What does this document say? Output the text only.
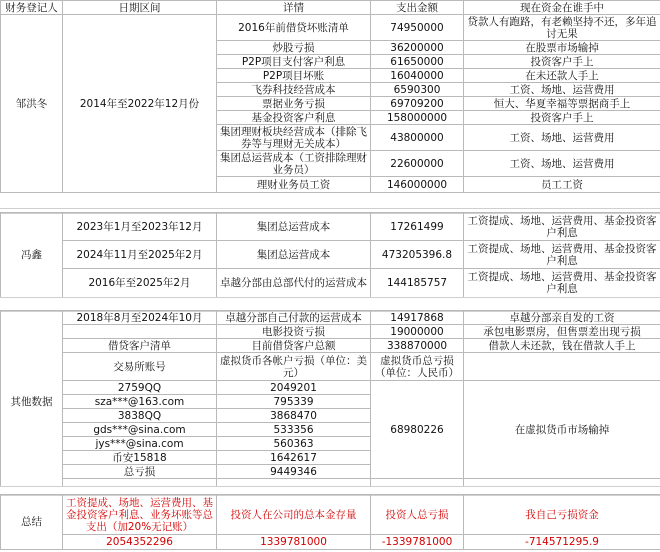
财务登记人	日期区间	详情	支出金额	现在资金在谁手中
邹洪冬	2014年至2022年12月份	2016年前借贷坏账清单	74950000	贷款人有跑路，有老赖坚持不还，多年追讨无果
		炒股亏损	36200000	在股票市场输掉
		P2P项目支付客户利息	61650000	投资客户手上
		P2P项目坏账	16040000	在未还款人手上
		飞券科技经营成本	6590300	工资、场地、运营费用
		票据业务亏损	69709200	恒大、华夏幸福等票据商手上
		基金投资客户利息	158000000	投资客户手上
		集团理财板块经营成本（排除飞券等与理财无关成本）	43800000	工资、场地、运营费用
		集团总运营成本（工资排除理财业务员）	22600000	工资、场地、运营费用
		理财业务员工资	146000000	员工工资
冯鑫	2023年1月至2023年12月	集团总运营成本	17261499	工资提成、场地、运营费用、基金投资客户利息
	2024年11月至2025年2月	集团总运营成本	473205396.8	工资提成、场地、运营费用、基金投资客户利息
	2016年至2025年2月	卓越分部由总部代付的运营成本	144185757	工资提成、场地、运营费用、基金投资客户利息
其他数据	2018年8月至2024年10月	卓越分部自己付款的运营成本	14917868	卓越分部亲自发的工资
		电影投资亏损	19000000	承包电影票房，但售票差出现亏损
	借贷客户清单	目前借贷客户总额	338870000	借款人未还款，钱在借款人手上
	交易所账号	虚拟货币各帐户亏损（单位：美元）	虚拟货币总亏损（单位：人民币）	
	2759QQ	2049201	68980226	在虚拟货币市场输掉
	sza***@163.com	795339		
	3838QQ	3868470		
	gds***@sina.com	533356		
	jys***@sina.com	560363		
	币安15818	1642617		
	总亏损	9449346		

总结	工资提成、场地、运营费用、基金投资客户利息、业务坏账等总支出（加20%无记账）	投资人在公司的总本金存量	投资人总亏损	我自己亏损资金
	2054352296	1339781000	-1339781000	-714571295.9
